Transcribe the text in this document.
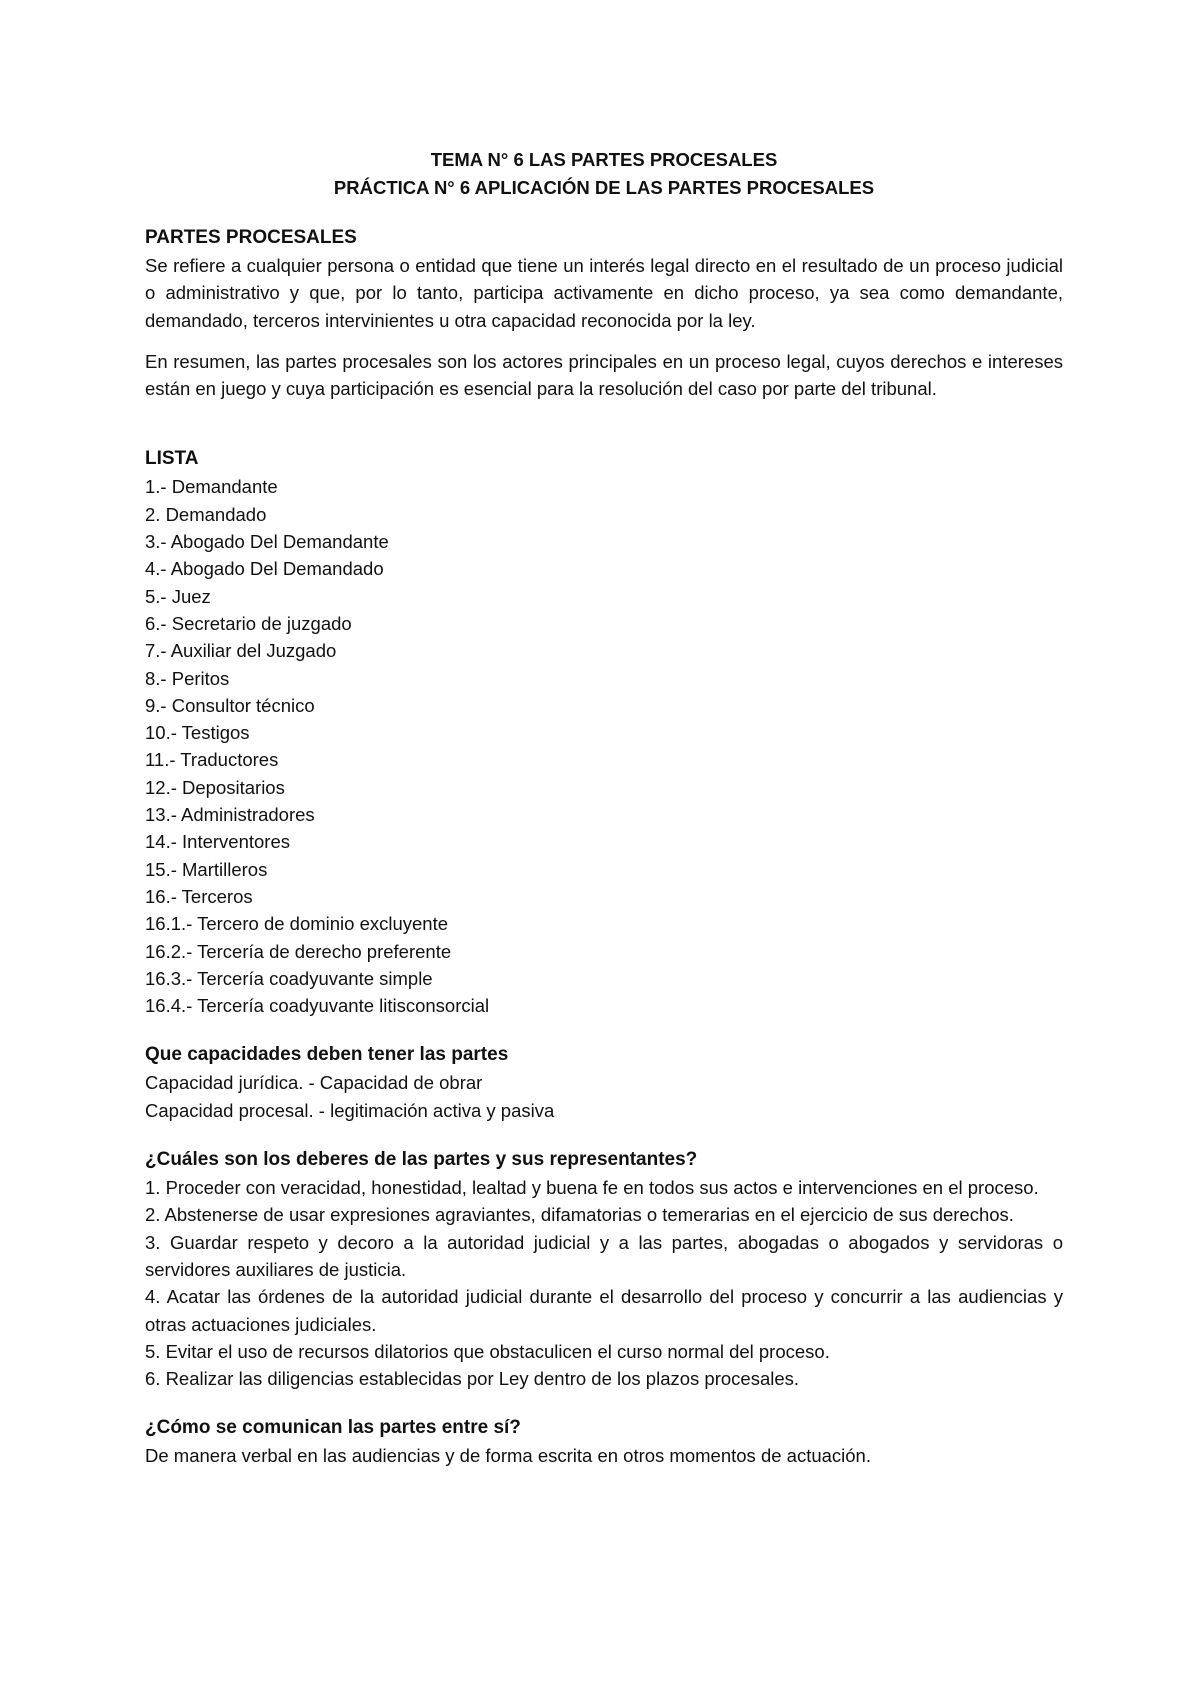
TEMA N° 6 LAS PARTES PROCESALES
PRÁCTICA N° 6 APLICACIÓN DE LAS PARTES PROCESALES
PARTES PROCESALES

Se refiere a cualquier persona o entidad que tiene un interés legal directo en el resultado de un proceso judicial o administrativo y que, por lo tanto, participa activamente en dicho proceso, ya sea como demandante, demandado, terceros intervinientes u otra capacidad reconocida por la ley.

En resumen, las partes procesales son los actores principales en un proceso legal, cuyos derechos e intereses están en juego y cuya participación es esencial para la resolución del caso por parte del tribunal.

LISTA

1.- Demandante

2. Demandado

3.- Abogado Del Demandante

4.- Abogado Del Demandado

5.- Juez

6.- Secretario de juzgado

7.- Auxiliar del Juzgado

8.- Peritos

9.- Consultor técnico

10.- Testigos

11.- Traductores

12.- Depositarios

13.- Administradores

14.- Interventores

15.- Martilleros

16.- Terceros

16.1.- Tercero de dominio excluyente

16.2.- Tercería de derecho preferente

16.3.- Tercería coadyuvante simple

16.4.- Tercería coadyuvante litisconsorcial

Que capacidades deben tener las partes

Capacidad jurídica. - Capacidad de obrar

Capacidad procesal. - legitimación activa y pasiva

¿Cuáles son los deberes de las partes y sus representantes?

1. Proceder con veracidad, honestidad, lealtad y buena fe en todos sus actos e intervenciones en el proceso.

2. Abstenerse de usar expresiones agraviantes, difamatorias o temerarias en el ejercicio de sus derechos.

3. Guardar respeto y decoro a la autoridad judicial y a las partes, abogadas o abogados y servidoras o servidores auxiliares de justicia.

4. Acatar las órdenes de la autoridad judicial durante el desarrollo del proceso y concurrir a las audiencias y otras actuaciones judiciales.

5. Evitar el uso de recursos dilatorios que obstaculicen el curso normal del proceso.

6. Realizar las diligencias establecidas por Ley dentro de los plazos procesales.

¿Cómo se comunican las partes entre sí?

De manera verbal en las audiencias y de forma escrita en otros momentos de actuación.
